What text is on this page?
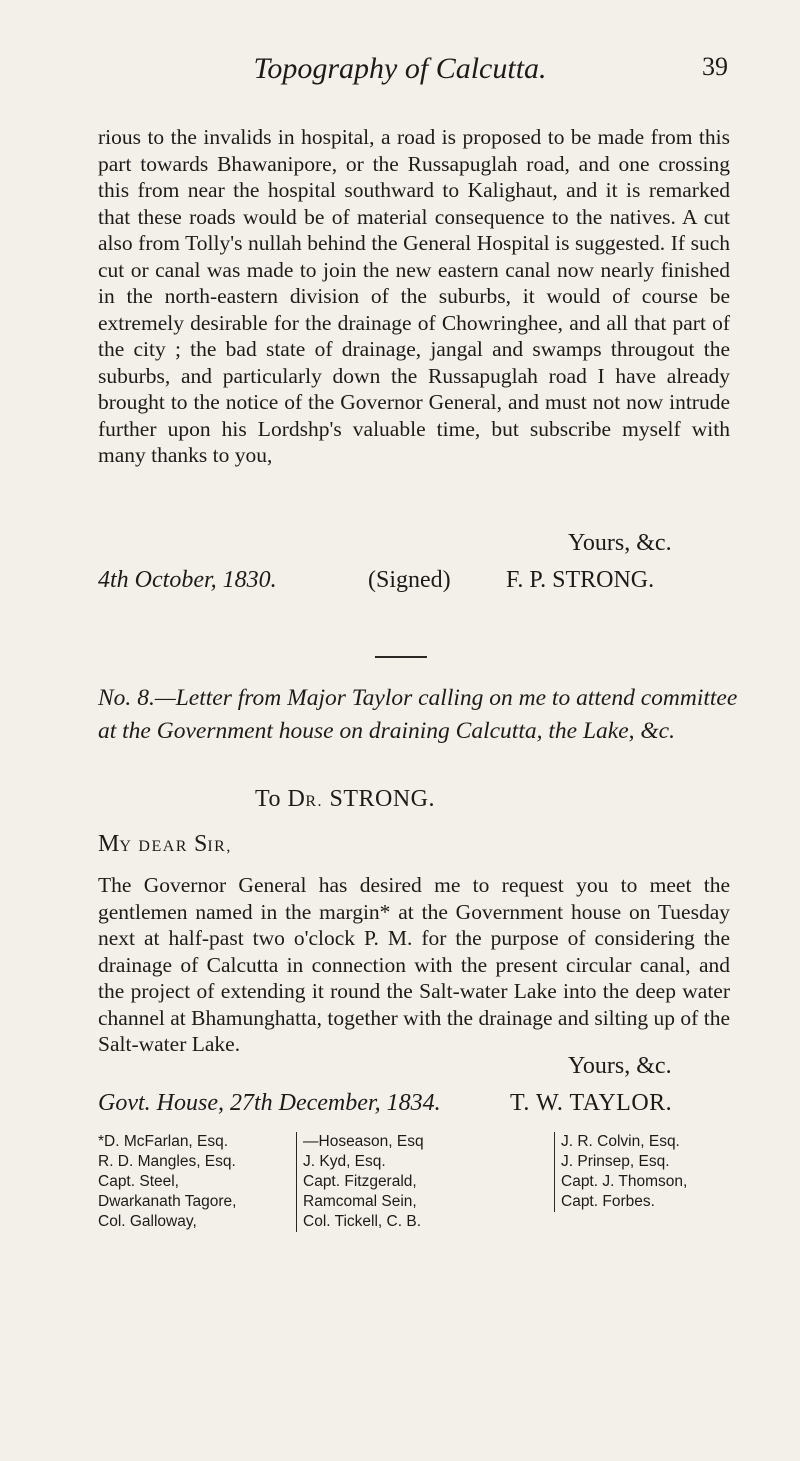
Topography of Calcutta.	39
rious to the invalids in hospital, a road is proposed to be made from this part towards Bhawanipore, or the Russapuglah road, and one crossing this from near the hospital southward to Kalighaut, and it is remarked that these roads would be of material consequence to the natives. A cut also from Tolly's nullah behind the General Hospital is suggested. If such cut or canal was made to join the new eastern canal now nearly finished in the north-eastern division of the suburbs, it would of course be extremely desirable for the drainage of Chowringhee, and all that part of the city ; the bad state of drainage, jangal and swamps througout the suburbs, and particularly down the Russapuglah road I have already brought to the notice of the Governor General, and must not now intrude further upon his Lordshp's valuable time, but subscribe myself with many thanks to you,
Yours, &c.
4th October, 1830.	(Signed) F. P. STRONG.
No. 8.—Letter from Major Taylor calling on me to attend committee at the Government house on draining Calcutta, the Lake, &c.
To DR. STRONG.
MY DEAR SIR,
The Governor General has desired me to request you to meet the gentlemen named in the margin* at the Government house on Tuesday next at half-past two o'clock P. M. for the purpose of considering the drainage of Calcutta in connection with the present circular canal, and the project of extending it round the Salt-water Lake into the deep water channel at Bhamunghatta, together with the drainage and silting up of the Salt-water Lake.
Yours, &c.
Govt. House, 27th December, 1834.	T. W. TAYLOR.
*D. McFarlan, Esq.
R. D. Mangles, Esq.
Capt. Steel,
Dwarkanath Tagore,
Col. Galloway,
—Hoseason, Esq
J. Kyd, Esq.
Capt. Fitzgerald,
Ramcomal Sein,
Col. Tickell, C. B.
J. R. Colvin, Esq.
J. Prinsep, Esq.
Capt. J. Thomson,
Capt. Forbes.
